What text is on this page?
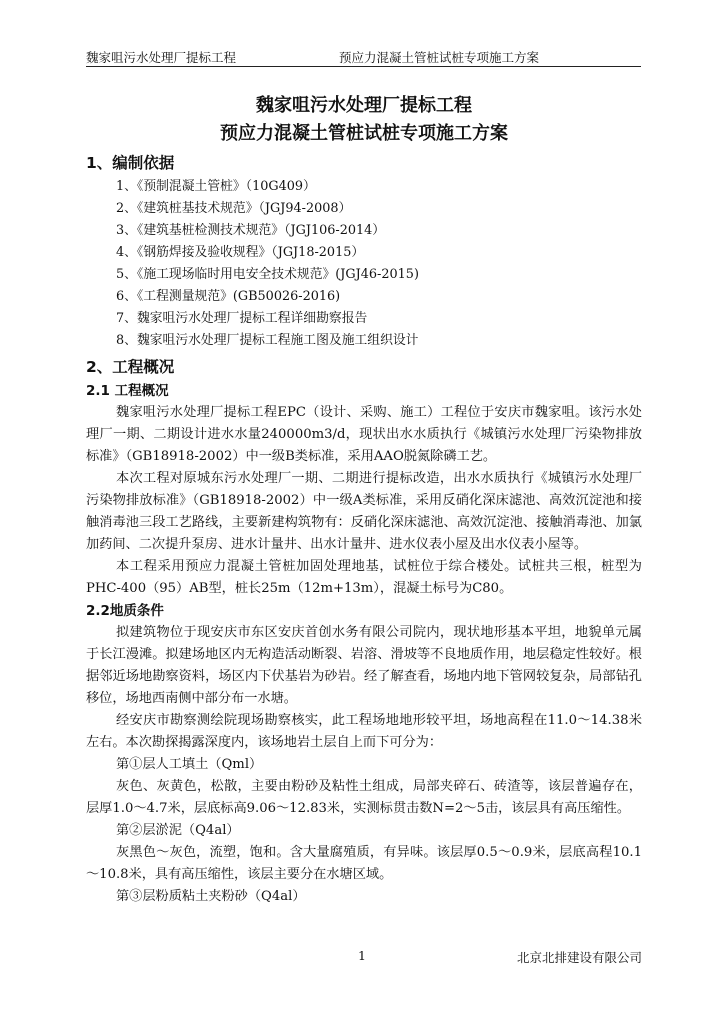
魏家咀污水处理厂提标工程	预应力混凝土管桩试桩专项施工方案
魏家咀污水处理厂提标工程
预应力混凝土管桩试桩专项施工方案
1、编制依据
1、《预制混凝土管桩》（10G409）
2、《建筑桩基技术规范》（JGJ94-2008）
3、《建筑基桩检测技术规范》（JGJ106-2014）
4、《钢筋焊接及验收规程》（JGJ18-2015）
5、《施工现场临时用电安全技术规范》(JGJ46-2015)
6、《工程测量规范》(GB50026-2016)
7、魏家咀污水处理厂提标工程详细勘察报告
8、魏家咀污水处理厂提标工程施工图及施工组织设计
2、工程概况
2.1 工程概况
魏家咀污水处理厂提标工程EPC（设计、采购、施工）工程位于安庆市魏家咀。该污水处理厂一期、二期设计进水水量240000m3/d，现状出水水质执行《城镇污水处理厂污染物排放标准》（GB18918-2002）中一级B类标准，采用AAO脱氮除磷工艺。
本次工程对原城东污水处理厂一期、二期进行提标改造，出水水质执行《城镇污水处理厂污染物排放标准》（GB18918-2002）中一级A类标准，采用反硝化深床滤池、高效沉淀池和接触消毒池三段工艺路线，主要新建构筑物有：反硝化深床滤池、高效沉淀池、接触消毒池、加氯加药间、二次提升泵房、进水计量井、出水计量井、进水仪表小屋及出水仪表小屋等。
本工程采用预应力混凝土管桩加固处理地基，试桩位于综合楼处。试桩共三根，桩型为PHC-400（95）AB型，桩长25m（12m+13m），混凝土标号为C80。
2.2地质条件
拟建筑物位于现安庆市东区安庆首创水务有限公司院内，现状地形基本平坦，地貌单元属于长江漫滩。拟建场地区内无构造活动断裂、岩溶、滑坡等不良地质作用，地层稳定性较好。根据邻近场地勘察资料，场区内下伏基岩为砂岩。经了解查看，场地内地下管网较复杂，局部钻孔移位，场地西南侧中部分布一水塘。
经安庆市勘察测绘院现场勘察核实，此工程场地地形较平坦，场地高程在11.0～14.38米左右。本次勘探揭露深度内，该场地岩土层自上而下可分为：
第①层人工填土（Qml）
灰色、灰黄色，松散，主要由粉砂及粘性土组成，局部夹碎石、砖渣等，该层普遍存在，层厚1.0～4.7米，层底标高9.06～12.83米，实测标贯击数N=2～5击，该层具有高压缩性。
第②层淤泥（Q4al）
灰黑色～灰色，流塑，饱和。含大量腐殖质，有异味。该层厚0.5～0.9米，层底高程10.1～10.8米，具有高压缩性，该层主要分在水塘区域。
第③层粉质粘土夹粉砂（Q4al）
1	北京北排建设有限公司
